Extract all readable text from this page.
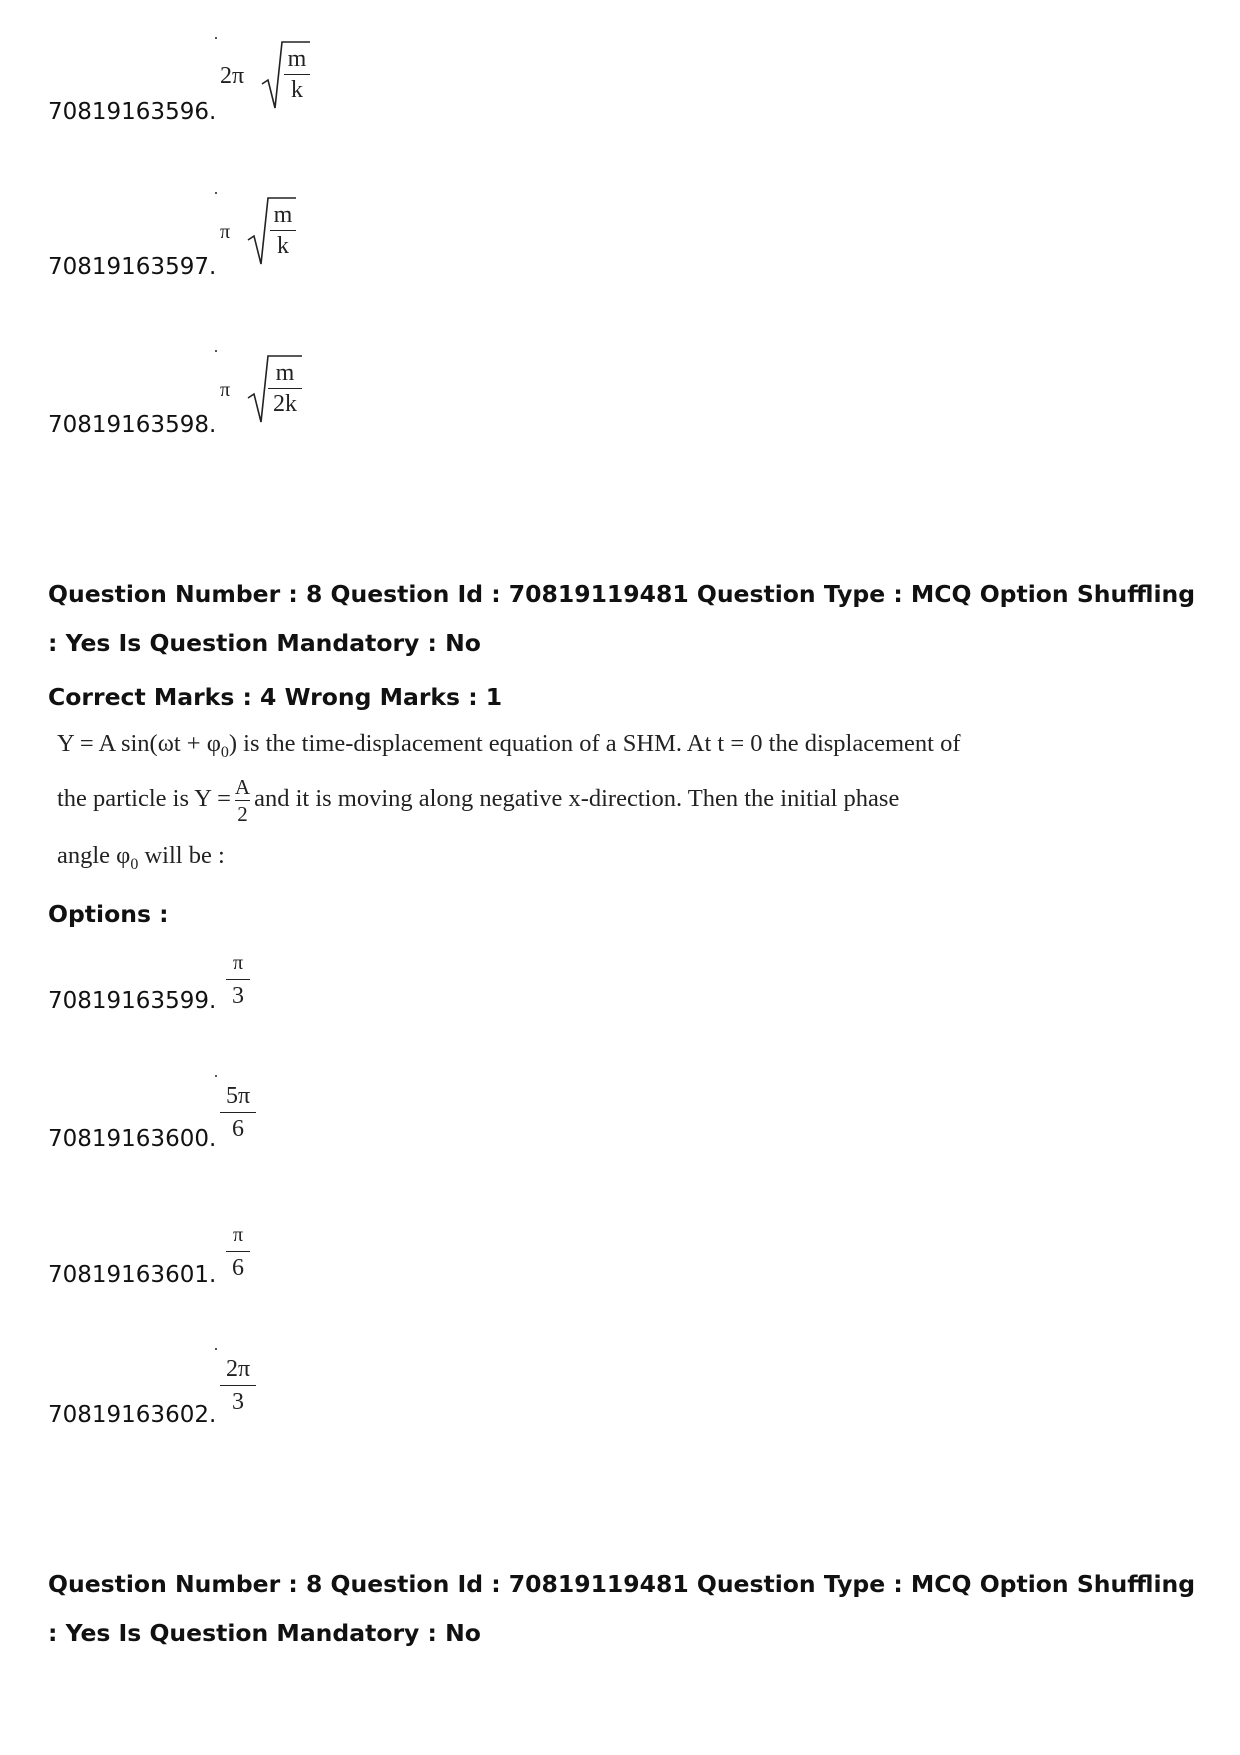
70819163596.
2π
m
k
70819163597.
π
m
k
70819163598.
π
m
2k
Question Number : 8 Question Id : 70819119481 Question Type : MCQ Option Shuffling : Yes Is Question Mandatory : No
Correct Marks : 4 Wrong Marks : 1
Y = A $\sin(\omega t + \varphi_0)$ is the time-displacement equation of a SHM. At t = 0 the displacement of
the particle is $Y = \frac{A}{2}$ and it is moving along negative x-direction. Then the initial phase
angle $\varphi_0$ will be :
Options :
70819163599.
π
3
70819163600.
5π
6
70819163601.
π
6
70819163602.
2π
3
Question Number : 8 Question Id : 70819119481 Question Type : MCQ Option Shuffling : Yes Is Question Mandatory : No
